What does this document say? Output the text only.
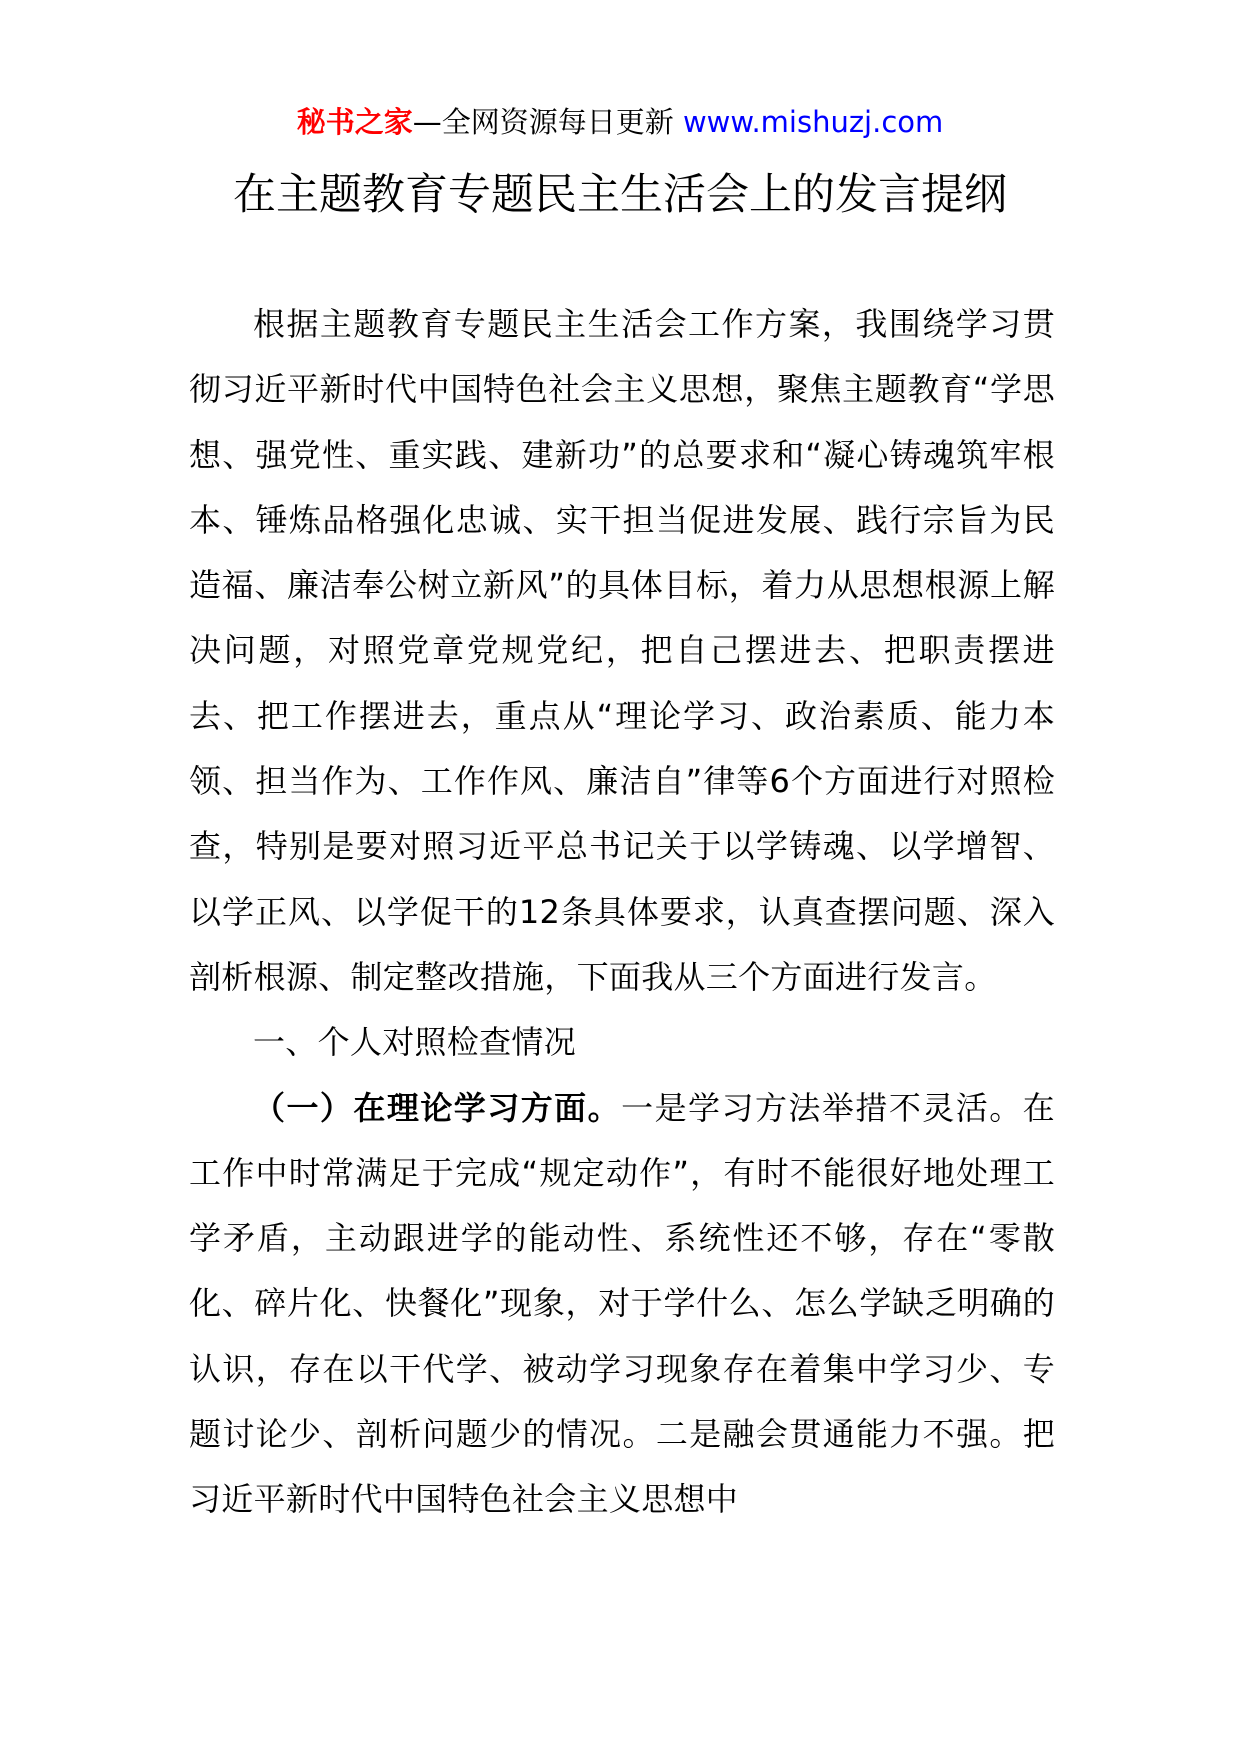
秘书之家—全网资源每日更新 www.mishuzj.com
在主题教育专题民主生活会上的发言提纲

根据主题教育专题民主生活会工作方案，我围绕学习贯彻习近平新时代中国特色社会主义思想，聚焦主题教育“学思想、强党性、重实践、建新功”的总要求和“凝心铸魂筑牢根本、锤炼品格强化忠诚、实干担当促进发展、践行宗旨为民造福、廉洁奉公树立新风”的具体目标，着力从思想根源上解决问题，对照党章党规党纪，把自己摆进去、把职责摆进去、把工作摆进去，重点从“理论学习、政治素质、能力本领、担当作为、工作作风、廉洁自”律等6个方面进行对照检查，特别是要对照习近平总书记关于以学铸魂、以学增智、以学正风、以学促干的12条具体要求，认真查摆问题、深入剖析根源、制定整改措施，下面我从三个方面进行发言。

一、个人对照检查情况

（一）在理论学习方面。一是学习方法举措不灵活。在工作中时常满足于完成“规定动作”，有时不能很好地处理工学矛盾，主动跟进学的能动性、系统性还不够，存在“零散化、碎片化、快餐化”现象，对于学什么、怎么学缺乏明确的认识，存在以干代学、被动学习现象存在着集中学习少、专题讨论少、剖析问题少的情况。二是融会贯通能力不强。把习近平新时代中国特色社会主义思想中
